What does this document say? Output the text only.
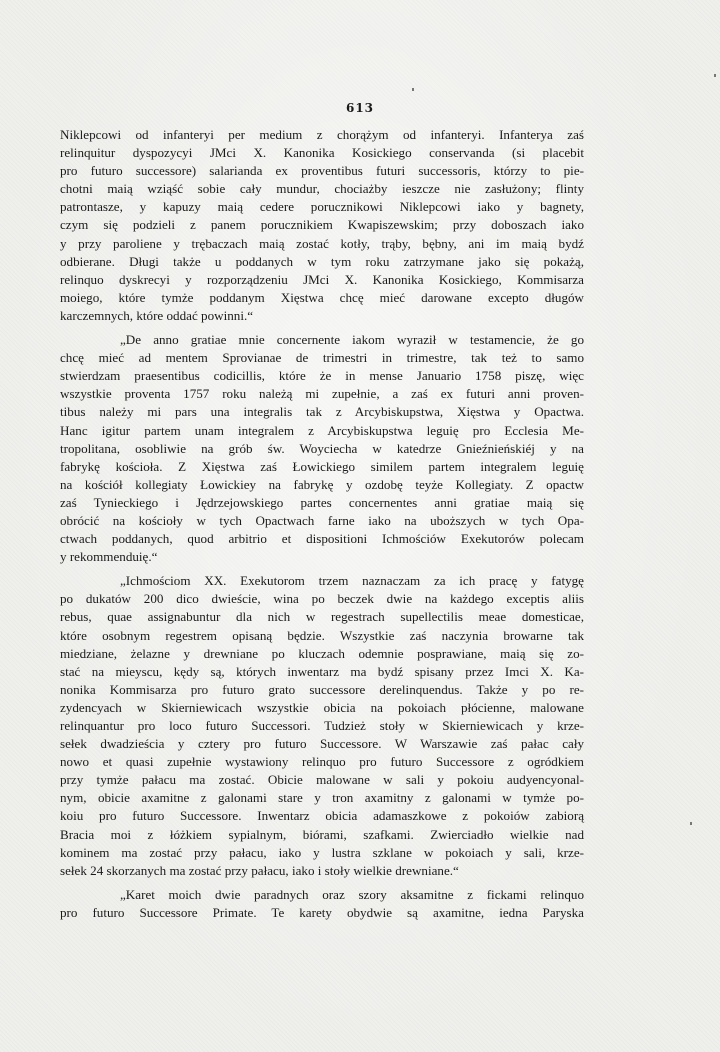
613

Niklepcowi od infanteryi per medium z chorążym od infanteryi. Infanterya zaś
relinquitur dyspozycyi JMci X. Kanonika Kosickiego conservanda (si placebit
pro futuro successore) salarianda ex proventibus futuri successoris, którzy to pie-
chotni maią wziąść sobie cały mundur, chociażby ieszcze nie zasłużony; flinty
patrontasze, y kapuzy maią cedere porucznikowi Niklepcowi iako y bagnety,
czym się podzieli z panem porucznikiem Kwapiszewskim; przy doboszach iako
y przy paroliene y trębaczach maią zostać kotły, trąby, bębny, ani im maią bydź
odbierane. Długi także u poddanych w tym roku zatrzymane jako się pokażą,
relinquo dyskrecyi y rozporządzeniu JMci X. Kanonika Kosickiego, Kommisarza
moiego, które tymże poddanym Xięstwa chcę mieć darowane excepto długów
karczemnych, które oddać powinni.“

„De anno gratiae mnie concernente iakom wyraził w testamencie, że go
chcę mieć ad mentem Sprovianae de trimestri in trimestre, tak też to samo
stwierdzam praesentibus codicillis, które że in mense Januario 1758 piszę, więc
wszystkie proventa 1757 roku należą mi zupełnie, a zaś ex futuri anni proven-
tibus należy mi pars una integralis tak z Arcybiskupstwa, Xięstwa y Opactwa.
Hanc igitur partem unam integralem z Arcybiskupstwa leguię pro Ecclesia Me-
tropolitana, osobliwie na grób św. Woyciecha w katedrze Gnieźnieńskiéj y na
fabrykę kościoła. Z Xięstwa zaś Łowickiego similem partem integralem leguię
na kościół kollegiaty Łowickiey na fabrykę y ozdobę teyże Kollegiaty. Z opactw
zaś Tynieckiego i Jędrzejowskiego partes concernentes anni gratiae maią się
obrócić na kościoły w tych Opactwach farne iako na uboższych w tych Opa-
ctwach poddanych, quod arbitrio et dispositioni Ichmościów Exekutorów polecam
y rekommenduię.“

„Ichmościom XX. Exekutorom trzem naznaczam za ich pracę y fatygę
po dukatów 200 dico dwieście, wina po beczek dwie na każdego exceptis aliis
rebus, quae assignabuntur dla nich w regestrach supellectilis meae domesticae,
które osobnym regestrem opisaną będzie. Wszystkie zaś naczynia browarne tak
miedziane, żelazne y drewniane po kluczach odemnie posprawiane, maią się zo-
stać na mieyscu, kędy są, których inwentarz ma bydź spisany przez Imci X. Ka-
nonika Kommisarza pro futuro grato successore derelinquendus. Także y po re-
zydencyach w Skierniewicach wszystkie obicia na pokoiach płócienne, malowane
relinquantur pro loco futuro Successori. Tudzież stoły w Skierniewicach y krze-
sełek dwadzieścia y cztery pro futuro Successore. W Warszawie zaś pałac cały
nowo et quasi zupełnie wystawiony relinquo pro futuro Successore z ogródkiem
przy tymże pałacu ma zostać. Obicie malowane w sali y pokoiu audyencyonal-
nym, obicie axamitne z galonami stare y tron axamitny z galonami w tymże po-
koiu pro futuro Successore. Inwentarz obicia adamaszkowe z pokoiów zabiorą
Bracia moi z łóżkiem sypialnym, biórami, szafkami. Zwierciadło wielkie nad
kominem ma zostać przy pałacu, iako y lustra szklane w pokoiach y sali, krze-
sełek 24 skorzanych ma zostać przy pałacu, iako i stoły wielkie drewniane.“

„Karet moich dwie paradnych oraz szory aksamitne z fickami relinquo
pro futuro Successore Primate. Te karety obydwie są axamitne, iedna Paryska
